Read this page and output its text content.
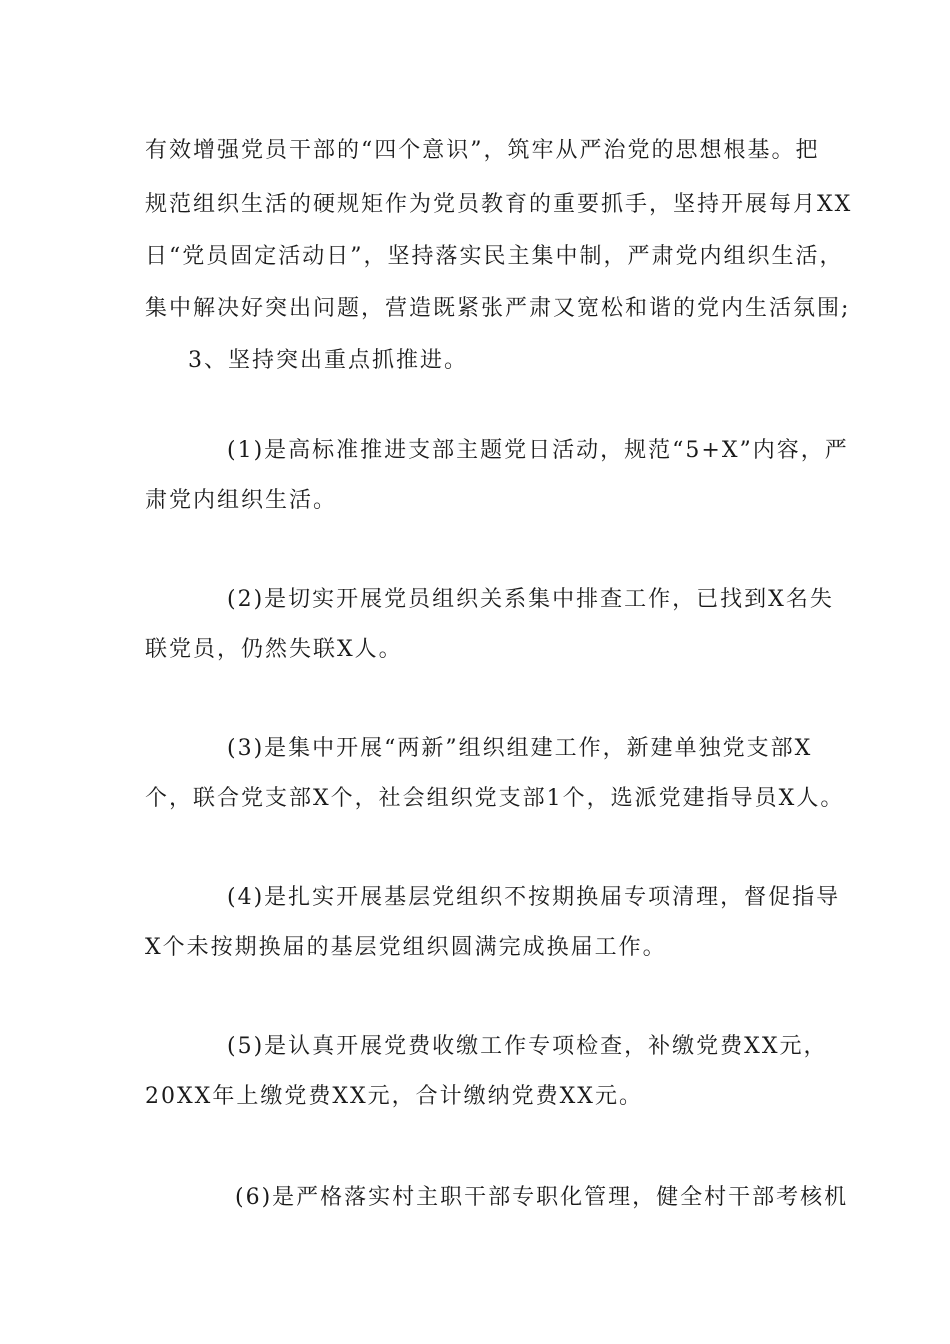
有效增强党员干部的“四个意识”，筑牢从严治党的思想根基。把
规范组织生活的硬规矩作为党员教育的重要抓手，坚持开展每月XX
日“党员固定活动日”，坚持落实民主集中制，严肃党内组织生活，
集中解决好突出问题，营造既紧张严肃又宽松和谐的党内生活氛围;
3、坚持突出重点抓推进。
(1)是高标准推进支部主题党日活动，规范“5+X”内容，严
肃党内组织生活。
(2)是切实开展党员组织关系集中排查工作，已找到X名失
联党员，仍然失联X人。
(3)是集中开展“两新”组织组建工作，新建单独党支部X
个，联合党支部X个，社会组织党支部1个，选派党建指导员X人。
(4)是扎实开展基层党组织不按期换届专项清理，督促指导
X个未按期换届的基层党组织圆满完成换届工作。
(5)是认真开展党费收缴工作专项检查，补缴党费XX元，
20XX年上缴党费XX元，合计缴纳党费XX元。
(6)是严格落实村主职干部专职化管理，健全村干部考核机
